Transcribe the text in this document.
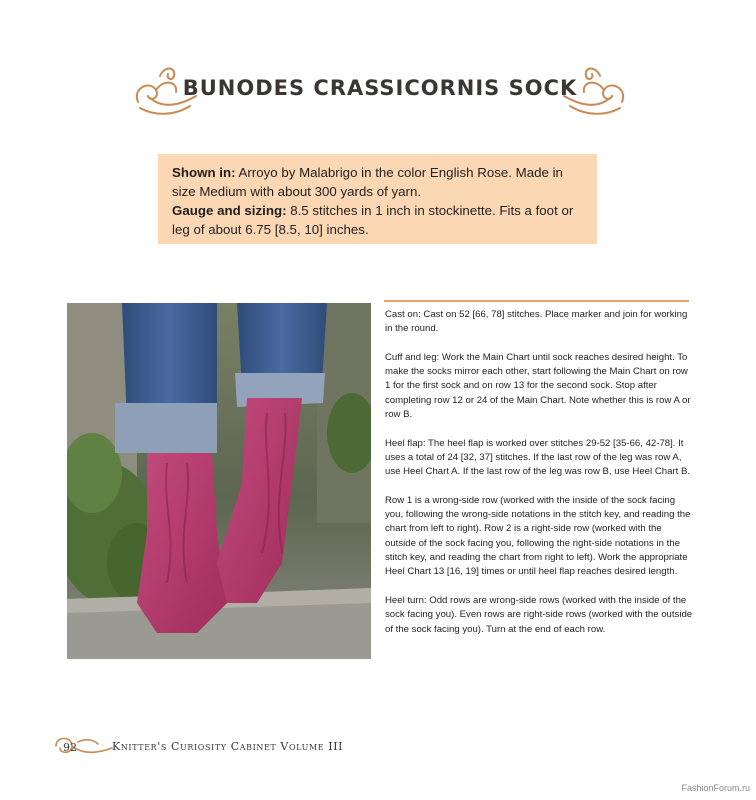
BUNODES CRASSICORNIS SOCK
Shown in: Arroyo by Malabrigo in the color English Rose. Made in size Medium with about 300 yards of yarn.
Gauge and sizing: 8.5 stitches in 1 inch in stockinette. Fits a foot or leg of about 6.75 [8.5, 10] inches.

Cast on: Cast on 52 [66, 78] stitches. Place marker and join for working in the round.

Cuff and leg: Work the Main Chart until sock reaches desired height. To make the socks mirror each other, start following the Main Chart on row 1 for the first sock and on row 13 for the second sock. Stop after completing row 12 or 24 of the Main Chart. Note whether this is row A or row B.

Heel flap: The heel flap is worked over stitches 29-52 [35-66, 42-78]. It uses a total of 24 [32, 37] stitches. If the last row of the leg was row A, use Heel Chart A. If the last row of the leg was row B, use Heel Chart B.

Row 1 is a wrong-side row (worked with the inside of the sock facing you, following the wrong-side notations in the stitch key, and reading the chart from left to right). Row 2 is a right-side row (worked with the outside of the sock facing you, following the right-side notations in the stitch key, and reading the chart from right to left). Work the appropriate Heel Chart 13 [16, 19] times or until heel flap reaches desired length.

Heel turn: Odd rows are wrong-side rows (worked with the inside of the sock facing you). Even rows are right-side rows (worked with the outside of the sock facing you). Turn at the end of each row.

92	Knitter's Curiosity Cabinet Volume III
FashionForum.ru
